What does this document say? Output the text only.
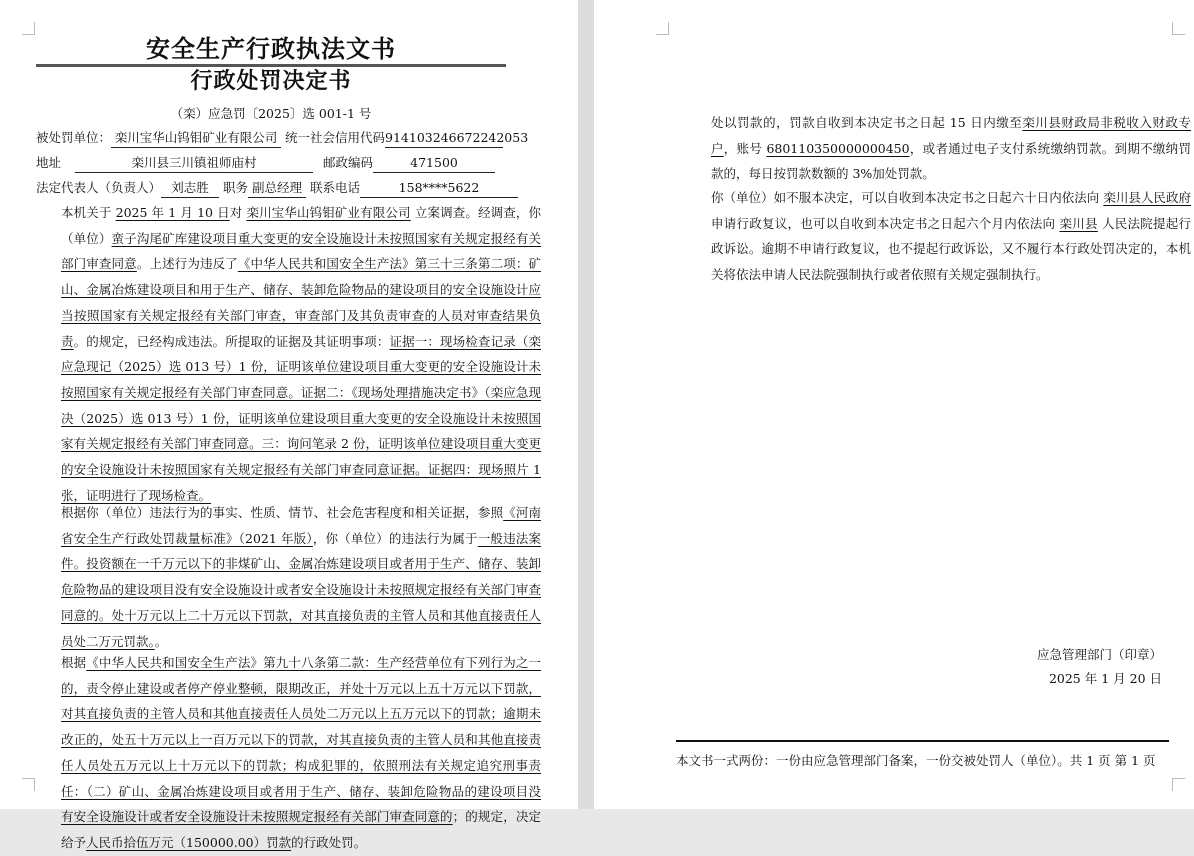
安全生产行政执法文书
行政处罚决定书
（栾）应急罚〔2025〕选 001-1 号
被处罚单位： 栾川宝华山钨钼矿业有限公司 统一社会信用代码914103246672242053
地址	栾川县三川镇祖师庙村	邮政编码	471500
法定代表人（负责人） 刘志胜 职务 副总经理 联系电话	158****5622
本机关于 2025 年 1 月 10 日对 栾川宝华山钨钼矿业有限公司 立案调查。经调查，你（单位）蛮子沟尾矿库建设项目重大变更的安全设施设计未按照国家有关规定报经有关部门审查同意。上述行为违反了《中华人民共和国安全生产法》第三十三条第二项：矿山、金属冶炼建设项目和用于生产、储存、装卸危险物品的建设项目的安全设施设计应当按照国家有关规定报经有关部门审查，审查部门及其负责审查的人员对审查结果负责。的规定，已经构成违法。所提取的证据及其证明事项：证据一：现场检查记录（栾应急现记（2025）选 013 号）1 份，证明该单位建设项目重大变更的安全设施设计未按照国家有关规定报经有关部门审查同意。证据二：《现场处理措施决定书》（栾应急现决（2025）选 013 号）1 份，证明该单位建设项目重大变更的安全设施设计未按照国家有关规定报经有关部门审查同意。三：询问笔录 2 份，证明该单位建设项目重大变更的安全设施设计未按照国家有关规定报经有关部门审查同意证据。证据四：现场照片 1 张，证明进行了现场检查。
根据你（单位）违法行为的事实、性质、情节、社会危害程度和相关证据，参照《河南省安全生产行政处罚裁量标准》（2021 年版），你（单位）的违法行为属于一般违法案件。投资额在一千万元以下的非煤矿山、金属冶炼建设项目或者用于生产、储存、装卸危险物品的建设项目没有安全设施设计或者安全设施设计未按照规定报经有关部门审查同意的。处十万元以上二十万元以下罚款，对其直接负责的主管人员和其他直接责任人员处二万元罚款。。
根据《中华人民共和国安全生产法》第九十八条第二款：生产经营单位有下列行为之一的，责令停止建设或者停产停业整顿，限期改正，并处十万元以上五十万元以下罚款，对其直接负责的主管人员和其他直接责任人员处二万元以上五万元以下的罚款；逾期未改正的，处五十万元以上一百万元以下的罚款，对其直接负责的主管人员和其他直接责任人员处五万元以上十万元以下的罚款；构成犯罪的，依照刑法有关规定追究刑事责任：（二）矿山、金属冶炼建设项目或者用于生产、储存、装卸危险物品的建设项目没有安全设施设计或者安全设施设计未按照规定报经有关部门审查同意的；的规定，决定给予人民币拾伍万元（150000.00）罚款的行政处罚。
处以罚款的，罚款自收到本决定书之日起 15 日内缴至栾川县财政局非税收入财政专户，账号 680110350000000450，或者通过电子支付系统缴纳罚款。到期不缴纳罚款的，每日按罚款数额的 3%加处罚款。
你（单位）如不服本决定，可以自收到本决定书之日起六十日内依法向 栾川县人民政府 申请行政复议，也可以自收到本决定书之日起六个月内依法向 栾川县 人民法院提起行政诉讼。逾期不申请行政复议，也不提起行政诉讼，又不履行本行政处罚决定的，本机关将依法申请人民法院强制执行或者依照有关规定强制执行。
应急管理部门（印章）
2025 年 1 月 20 日
本文书一式两份：一份由应急管理部门备案，一份交被处罚人（单位）。共 1 页 第 1 页
